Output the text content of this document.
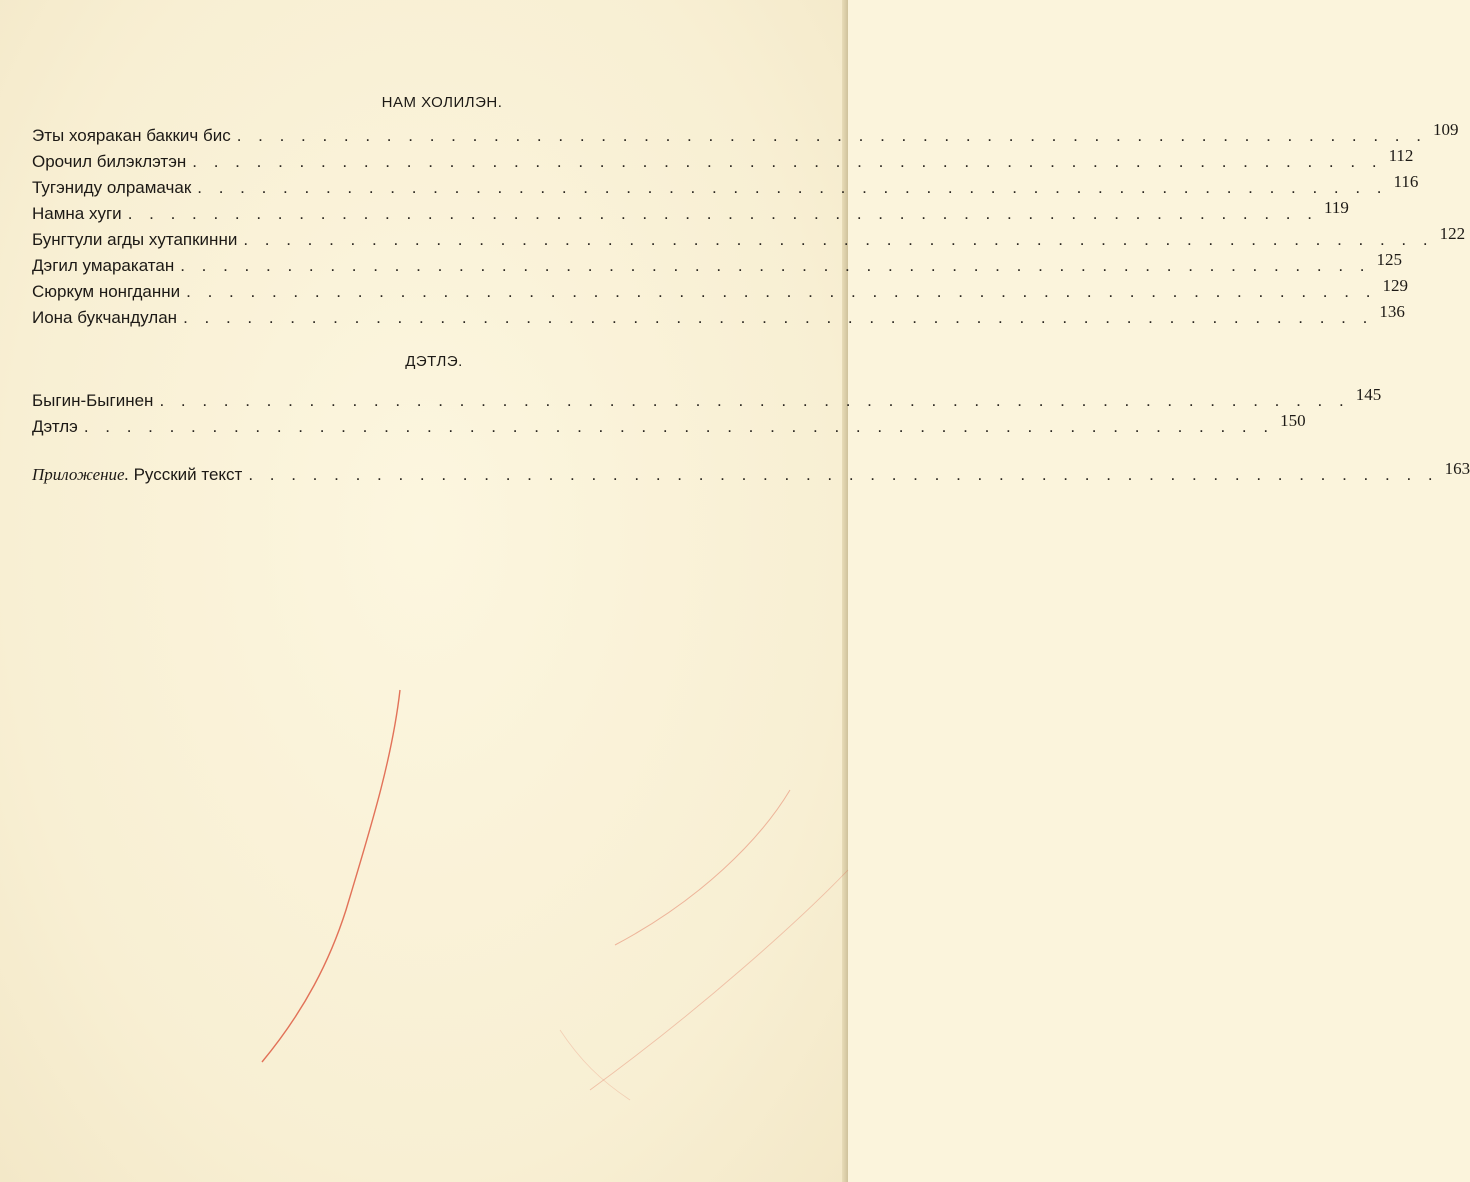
НАМ ХОЛИЛЭН.
Эты хояракан баккич бис . . . . . . . . . . . . . . . . . . . . . . . . . . . . . . . . . . . . . . . . . . . . . . . . . . . . . . . . 109
Орочил билэклэтэн . . . . . . . . . . . . . . . . . . . . . . . . . . . . . . . . . . . . . . . . . . . . . . . . . . . . . . . . 112
Тугэниду олрамачак . . . . . . . . . . . . . . . . . . . . . . . . . . . . . . . . . . . . . . . . . . . . . . . . . . . . . . . . 116
Намна хуги . . . . . . . . . . . . . . . . . . . . . . . . . . . . . . . . . . . . . . . . . . . . . . . . . . . . . . . . 119
Бунгтули агды хутапкинни . . . . . . . . . . . . . . . . . . . . . . . . . . . . . . . . . . . . . . . . . . . . . . . . . . . . . . . . 122
Дэгил умаракатан . . . . . . . . . . . . . . . . . . . . . . . . . . . . . . . . . . . . . . . . . . . . . . . . . . . . . . . . 125
Сюркум нонгданни . . . . . . . . . . . . . . . . . . . . . . . . . . . . . . . . . . . . . . . . . . . . . . . . . . . . . . . . 129
Иона букчандулан . . . . . . . . . . . . . . . . . . . . . . . . . . . . . . . . . . . . . . . . . . . . . . . . . . . . . . . . 136
ДЭТЛЭ.
Быгин-Быгинен . . . . . . . . . . . . . . . . . . . . . . . . . . . . . . . . . . . . . . . . . . . . . . . . . . . . . . . . 145
Дэтлэ . . . . . . . . . . . . . . . . . . . . . . . . . . . . . . . . . . . . . . . . . . . . . . . . . . . . . . . . 150
Приложение. Русский текст . . . . . . . . . . . . . . . . . . . . . . . . . . . . . . . . . . . . . . . . . . . . . . . . . . . . . . . . 163
